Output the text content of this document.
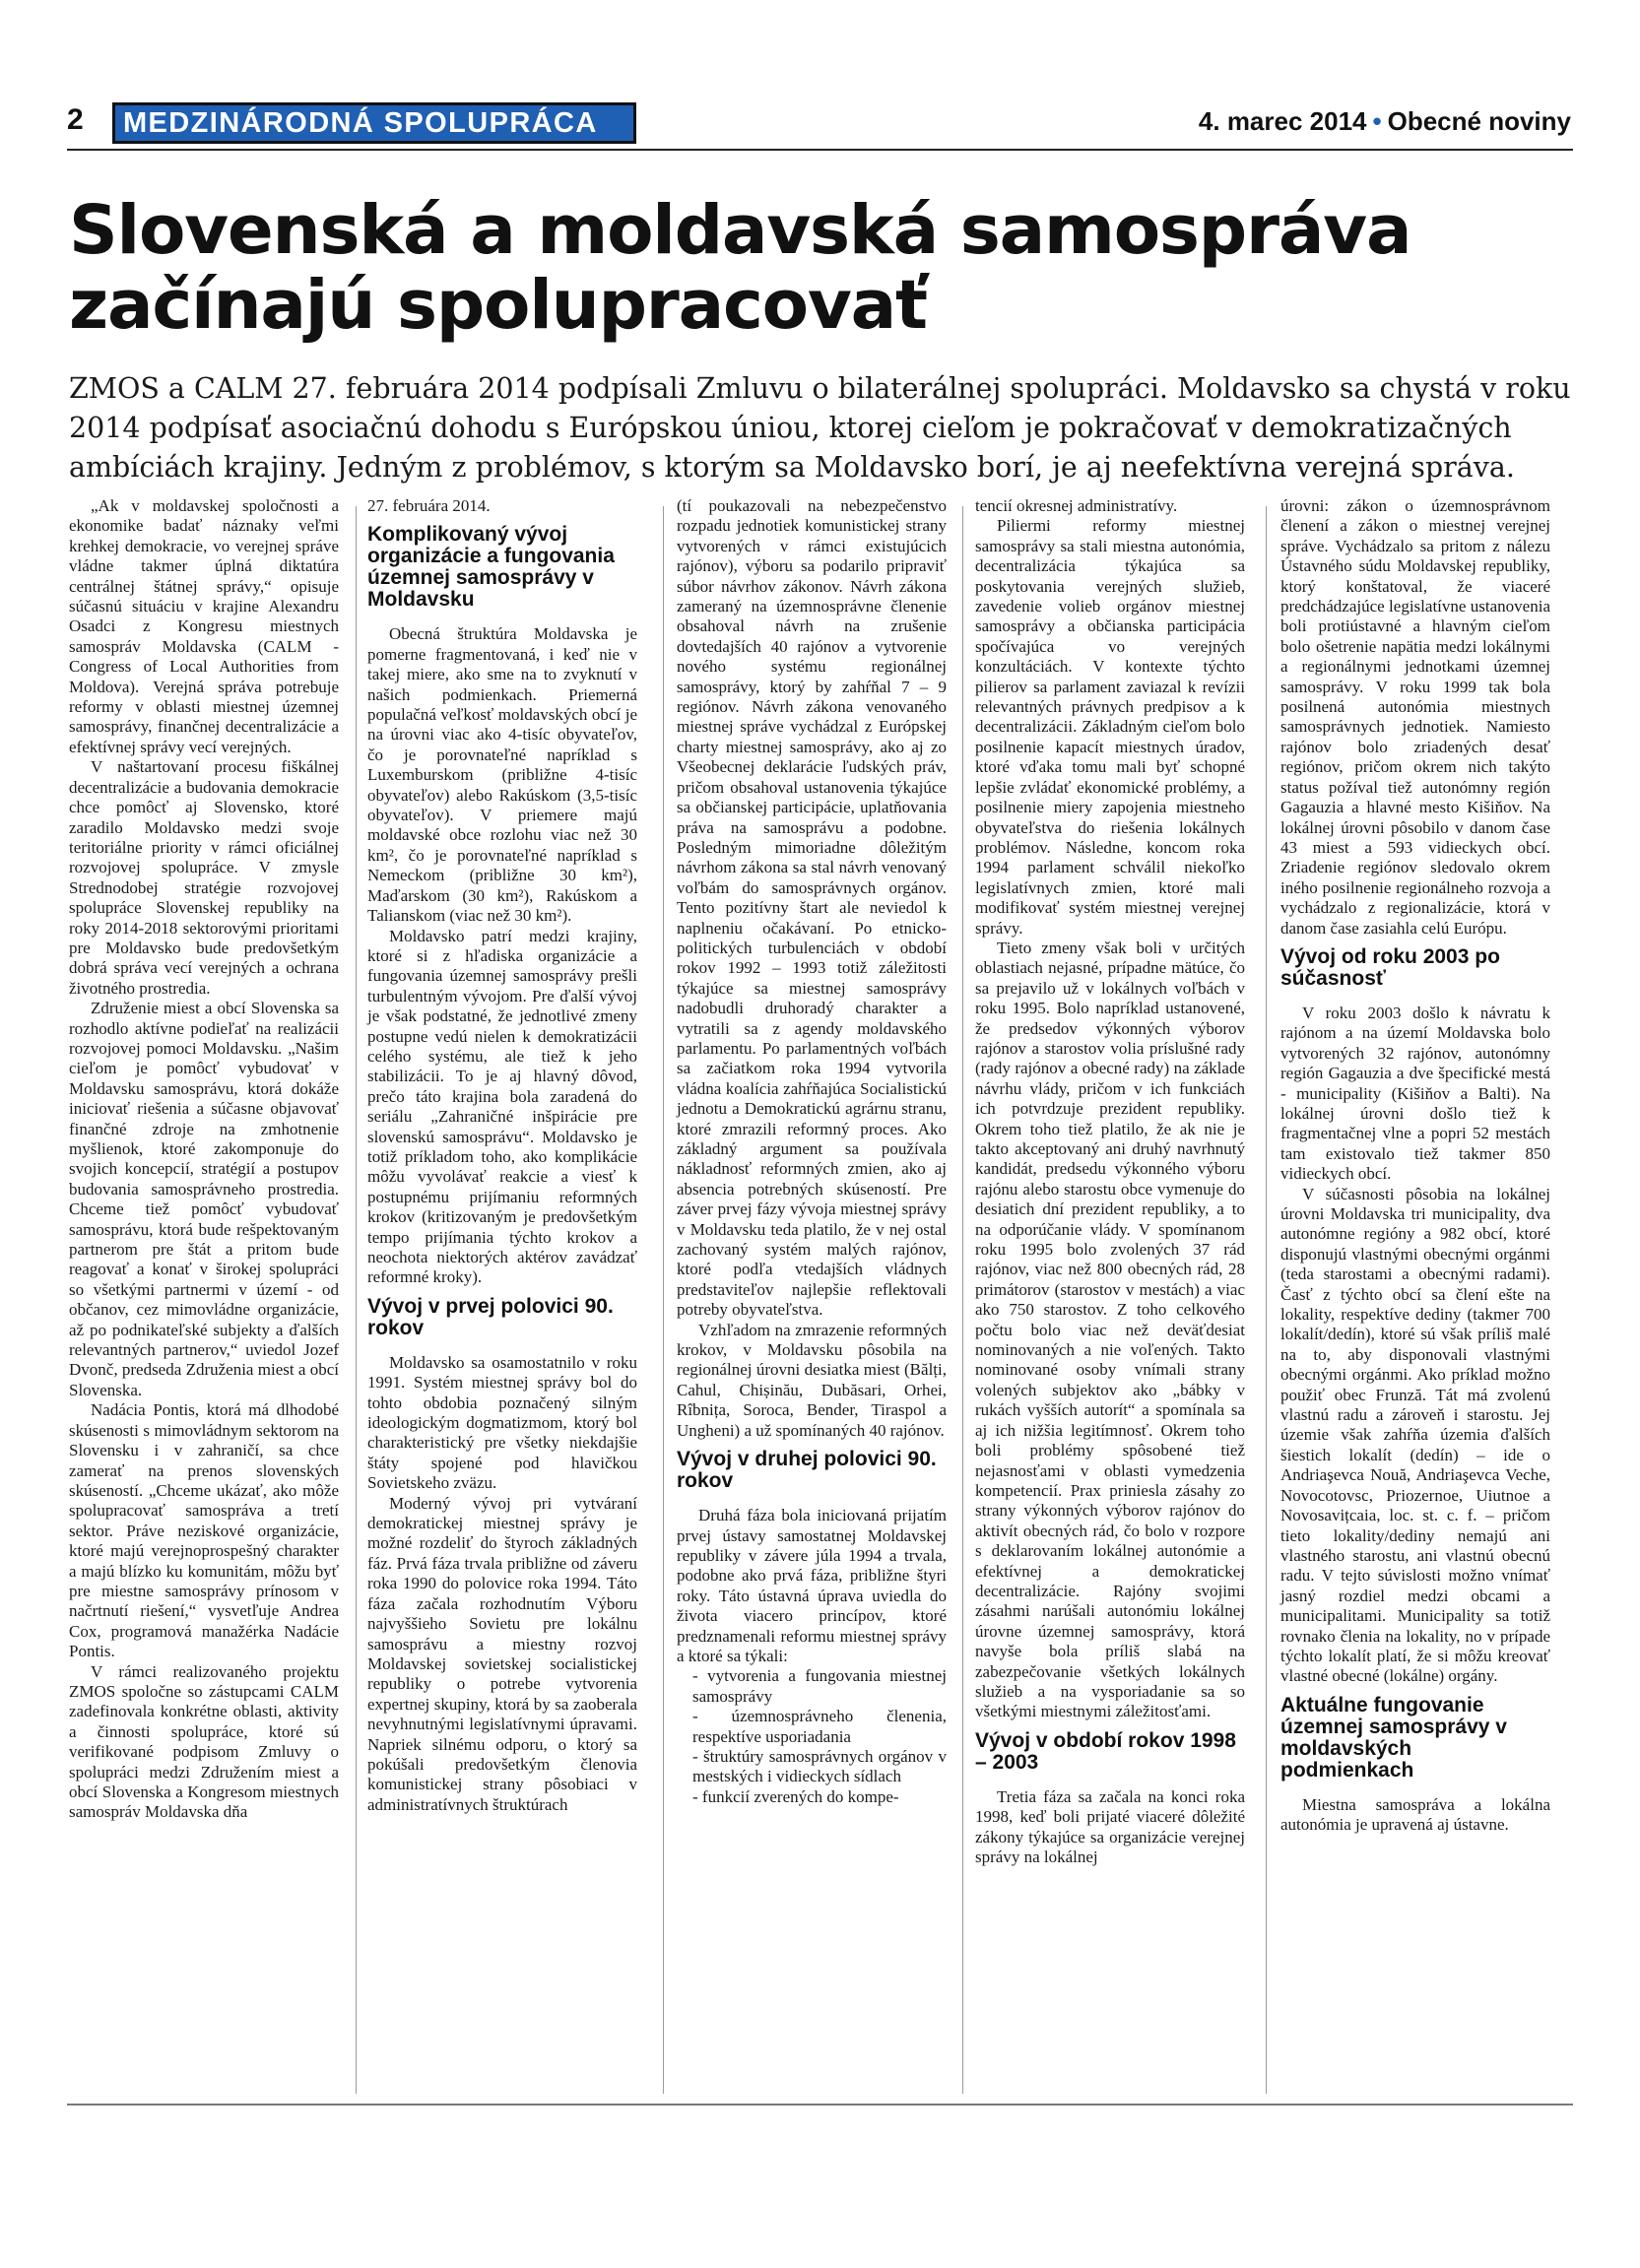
2	MEDZINÁRODNÁ SPOLUPRÁCA	4. marec 2014 • Obecné noviny
Slovenská a moldavská samospráva
začínajú spolupracovať
ZMOS a CALM 27. februára 2014 podpísali Zmluvu o bilaterálnej spolupráci. Moldavsko sa chystá v roku
2014 podpísať asociačnú dohodu s Európskou úniou, ktorej cieľom je pokračovať v demokratizačných
ambíciách krajiny. Jedným z problémov, s ktorým sa Moldavsko borí, je aj neefektívna verejná správa.

„Ak v moldavskej spoločnosti a ekonomike badať náznaky veľmi krehkej demokracie, vo verejnej správe vládne takmer úplná diktatúra centrálnej štátnej správy,“ opisuje súčasnú situáciu v krajine Alexandru Osadci z Kongresu miestnych samospráv Moldavska (CALM - Congress of Local Authorities from Moldova). Verejná správa potrebuje reformy v oblasti miestnej územnej samosprávy, finančnej decentralizácie a efektívnej správy vecí verejných.

V naštartovaní procesu fiškálnej decentralizácie a budovania demokracie chce pomôcť aj Slovensko, ktoré zaradilo Moldavsko medzi svoje teritoriálne priority v rámci oficiálnej rozvojovej spolupráce. V zmysle Strednodobej stratégie rozvojovej spolupráce Slovenskej republiky na roky 2014-2018 sektorovými prioritami pre Moldavsko bude predovšetkým dobrá správa vecí verejných a ochrana životného prostredia.

Združenie miest a obcí Slovenska sa rozhodlo aktívne podieľať na realizácii rozvojovej pomoci Moldavsku. „Našim cieľom je pomôcť vybudovať v Moldavsku samosprávu, ktorá dokáže iniciovať riešenia a súčasne objavovať finančné zdroje na zmhotnenie myšlienok, ktoré zakomponuje do svojich koncepcií, stratégií a postupov budovania samosprávneho prostredia. Chceme tiež pomôcť vybudovať samosprávu, ktorá bude rešpektovaným partnerom pre štát a pritom bude reagovať a konať v širokej spolupráci so všetkými partnermi v území - od občanov, cez mimovládne organizácie, až po podnikateľské subjekty a ďalších relevantných partnerov,“ uviedol Jozef Dvonč, predseda Združenia miest a obcí Slovenska.

Nadácia Pontis, ktorá má dlhodobé skúsenosti s mimovládnym sektorom na Slovensku i v zahraničí, sa chce zamerať na prenos slovenských skúseností. „Chceme ukázať, ako môže spolupracovať samospráva a tretí sektor. Práve neziskové organizácie, ktoré majú verejnoprospešný charakter a majú blízko ku komunitám, môžu byť pre miestne samosprávy prínosom v načrtnutí riešení,“ vysvetľuje Andrea Cox, programová manažérka Nadácie Pontis.

V rámci realizovaného projektu ZMOS spoločne so zástupcami CALM zadefinovala konkrétne oblasti, aktivity a činnosti spolupráce, ktoré sú verifikované podpisom Zmluvy o spolupráci medzi Združením miest a obcí Slovenska a Kongresom miestnych samospráv Moldavska dňa

27. februára 2014.

Komplikovaný vývoj organizácie a fungovania územnej samosprávy v Moldavsku

Obecná štruktúra Moldavska je pomerne fragmentovaná, i keď nie v takej miere, ako sme na to zvyknutí v našich podmienkach. Priemerná populačná veľkosť moldavských obcí je na úrovni viac ako 4-tisíc obyvateľov, čo je porovnateľné napríklad s Luxemburskom (približne 4-tisíc obyvateľov) alebo Rakúskom (3,5-tisíc obyvateľov). V priemere majú moldavské obce rozlohu viac než 30 km², čo je porovnateľné napríklad s Nemeckom (približne 30 km²), Maďarskom (30 km²), Rakúskom a Talianskom (viac než 30 km²).

Moldavsko patrí medzi krajiny, ktoré si z hľadiska organizácie a fungovania územnej samosprávy prešli turbulentným vývojom. Pre ďalší vývoj je však podstatné, že jednotlivé zmeny postupne vedú nielen k demokratizácii celého systému, ale tiež k jeho stabilizácii. To je aj hlavný dôvod, prečo táto krajina bola zaradená do seriálu „Zahraničné inšpirácie pre slovenskú samosprávu“. Moldavsko je totiž príkladom toho, ako komplikácie môžu vyvolávať reakcie a viesť k postupnému prijímaniu reformných krokov (kritizovaným je predovšetkým tempo prijímania týchto krokov a neochota niektorých aktérov zavádzať reformné kroky).

Vývoj v prvej polovici 90. rokov

Moldavsko sa osamostatnilo v roku 1991. Systém miestnej správy bol do tohto obdobia poznačený silným ideologickým dogmatizmom, ktorý bol charakteristický pre všetky niekdajšie štáty spojené pod hlavičkou Sovietskeho zväzu.

Moderný vývoj pri vytváraní demokratickej miestnej správy je možné rozdeliť do štyroch základných fáz. Prvá fáza trvala približne od záveru roka 1990 do polovice roka 1994. Táto fáza začala rozhodnutím Výboru najvyššieho Sovietu pre lokálnu samosprávu a miestny rozvoj Moldavskej sovietskej socialistickej republiky o potrebe vytvorenia expertnej skupiny, ktorá by sa zaoberala nevyhnutnými legislatívnymi úpravami. Napriek silnému odporu, o ktorý sa pokúšali predovšetkým členovia komunistickej strany pôsobiaci v administratívnych štruktúrach

(tí poukazovali na nebezpečenstvo rozpadu jednotiek komunistickej strany vytvorených v rámci existujúcich rajónov), výboru sa podarilo pripraviť súbor návrhov zákonov. Návrh zákona zameraný na územnosprávne členenie obsahoval návrh na zrušenie dovtedajších 40 rajónov a vytvorenie nového systému regionálnej samosprávy, ktorý by zahŕňal 7 – 9 regiónov. Návrh zákona venovaného miestnej správe vychádzal z Európskej charty miestnej samosprávy, ako aj zo Všeobecnej deklarácie ľudských práv, pričom obsahoval ustanovenia týkajúce sa občianskej participácie, uplatňovania práva na samosprávu a podobne. Posledným mimoriadne dôležitým návrhom zákona sa stal návrh venovaný voľbám do samosprávnych orgánov. Tento pozitívny štart ale neviedol k naplneniu očakávaní. Po etnicko-politických turbulenciách v období rokov 1992 – 1993 totiž záležitosti týkajúce sa miestnej samosprávy nadobudli druhoradý charakter a vytratili sa z agendy moldavského parlamentu. Po parlamentných voľbách sa začiatkom roka 1994 vytvorila vládna koalícia zahŕňajúca Socialistickú jednotu a Demokratickú agrárnu stranu, ktoré zmrazili reformný proces. Ako základný argument sa používala nákladnosť reformných zmien, ako aj absencia potrebných skúseností. Pre záver prvej fázy vývoja miestnej správy v Moldavsku teda platilo, že v nej ostal zachovaný systém malých rajónov, ktoré podľa vtedajších vládnych predstaviteľov najlepšie reflektovali potreby obyvateľstva.

Vzhľadom na zmrazenie reformných krokov, v Moldavsku pôsobila na regionálnej úrovni desiatka miest (Bălți, Cahul, Chișinău, Dubăsari, Orhei, Rîbnița, Soroca, Bender, Tiraspol a Ungheni) a už spomínaných 40 rajónov.

Vývoj v druhej polovici 90. rokov

Druhá fáza bola iniciovaná prijatím prvej ústavy samostatnej Moldavskej republiky v závere júla 1994 a trvala, podobne ako prvá fáza, približne štyri roky. Táto ústavná úprava uviedla do života viacero princípov, ktoré predznamenali reformu miestnej správy a ktoré sa týkali:

- vytvorenia a fungovania miestnej samosprávy

- územnosprávneho členenia, respektíve usporiadania

- štruktúry samosprávnych orgánov v mestských i vidieckych sídlach

- funkcií zverených do kompe-

tencií okresnej administratívy.

Piliermi reformy miestnej samosprávy sa stali miestna autonómia, decentralizácia týkajúca sa poskytovania verejných služieb, zavedenie volieb orgánov miestnej samosprávy a občianska participácia spočívajúca vo verejných konzultáciách. V kontexte týchto pilierov sa parlament zaviazal k revízii relevantných právnych predpisov a k decentralizácii. Základným cieľom bolo posilnenie kapacít miestnych úradov, ktoré vďaka tomu mali byť schopné lepšie zvládať ekonomické problémy, a posilnenie miery zapojenia miestneho obyvateľstva do riešenia lokálnych problémov. Následne, koncom roka 1994 parlament schválil niekoľko legislatívnych zmien, ktoré mali modifikovať systém miestnej verejnej správy.

Tieto zmeny však boli v určitých oblastiach nejasné, prípadne mätúce, čo sa prejavilo už v lokálnych voľbách v roku 1995. Bolo napríklad ustanovené, že predsedov výkonných výborov rajónov a starostov volia príslušné rady (rady rajónov a obecné rady) na základe návrhu vlády, pričom v ich funkciách ich potvrdzuje prezident republiky. Okrem toho tiež platilo, že ak nie je takto akceptovaný ani druhý navrhnutý kandidát, predsedu výkonného výboru rajónu alebo starostu obce vymenuje do desiatich dní prezident republiky, a to na odporúčanie vlády. V spomínanom roku 1995 bolo zvolených 37 rád rajónov, viac než 800 obecných rád, 28 primátorov (starostov v mestách) a viac ako 750 starostov. Z toho celkového počtu bolo viac než deväťdesiat nominovaných a nie voľených. Takto nominované osoby vnímali strany volených subjektov ako „bábky v rukách vyšších autorít“ a spomínala sa aj ich nižšia legitímnosť. Okrem toho boli problémy spôsobené tiež nejasnosťami v oblasti vymedzenia kompetencií. Prax priniesla zásahy zo strany výkonných výborov rajónov do aktivít obecných rád, čo bolo v rozpore s deklarovaním lokálnej autonómie a efektívnej a demokratickej decentralizácie. Rajóny svojimi zásahmi narúšali autonómiu lokálnej úrovne územnej samosprávy, ktorá navyše bola príliš slabá na zabezpečovanie všetkých lokálnych služieb a na vysporiadanie sa so všetkými miestnymi záležitosťami.

Vývoj v období rokov 1998 – 2003

Tretia fáza sa začala na konci roka 1998, keď boli prijaté viaceré dôležité zákony týkajúce sa organizácie verejnej správy na lokálnej

úrovni: zákon o územnosprávnom členení a zákon o miestnej verejnej správe. Vychádzalo sa pritom z nálezu Ústavného súdu Moldavskej republiky, ktorý konštatoval, že viaceré predchádzajúce legislatívne ustanovenia boli protiústavné a hlavným cieľom bolo ošetrenie napätia medzi lokálnymi a regionálnymi jednotkami územnej samosprávy. V roku 1999 tak bola posilnená autonómia miestnych samosprávnych jednotiek. Namiesto rajónov bolo zriadených desať regiónov, pričom okrem nich takýto status požíval tiež autonómny región Gagauzia a hlavné mesto Kišiňov. Na lokálnej úrovni pôsobilo v danom čase 43 miest a 593 vidieckych obcí. Zriadenie regiónov sledovalo okrem iného posilnenie regionálneho rozvoja a vychádzalo z regionalizácie, ktorá v danom čase zasiahla celú Európu.

Vývoj od roku 2003 po súčasnosť

V roku 2003 došlo k návratu k rajónom a na území Moldavska bolo vytvorených 32 rajónov, autonómny región Gagauzia a dve špecifické mestá - municipality (Kišiňov a Balti). Na lokálnej úrovni došlo tiež k fragmentačnej vlne a popri 52 mestách tam existovalo tiež takmer 850 vidieckych obcí.

V súčasnosti pôsobia na lokálnej úrovni Moldavska tri municipality, dva autonómne regióny a 982 obcí, ktoré disponujú vlastnými obecnými orgánmi (teda starostami a obecnými radami). Časť z týchto obcí sa člení ešte na lokality, respektíve dediny (takmer 700 lokalít/dedín), ktoré sú však príliš malé na to, aby disponovali vlastnými obecnými orgánmi. Ako príklad možno použiť obec Frunză. Tát má zvolenú vlastnú radu a zároveň i starostu. Jej územie však zahŕňa územia ďalších šiestich lokalít (dedín) – ide o Andriaşevca Nouă, Andriaşevca Veche, Novocotovsc, Priozernoe, Uiutnoe a Novosavițcaia, loc. st. c. f. – pričom tieto lokality/dediny nemajú ani vlastného starostu, ani vlastnú obecnú radu. V tejto súvislosti možno vnímať jasný rozdiel medzi obcami a municipalitami. Municipality sa totiž rovnako členia na lokality, no v prípade týchto lokalít platí, že si môžu kreovať vlastné obecné (lokálne) orgány.

Aktuálne fungovanie územnej samosprávy v moldavských podmienkach

Miestna samospráva a lokálna autonómia je upravená aj ústavne.
